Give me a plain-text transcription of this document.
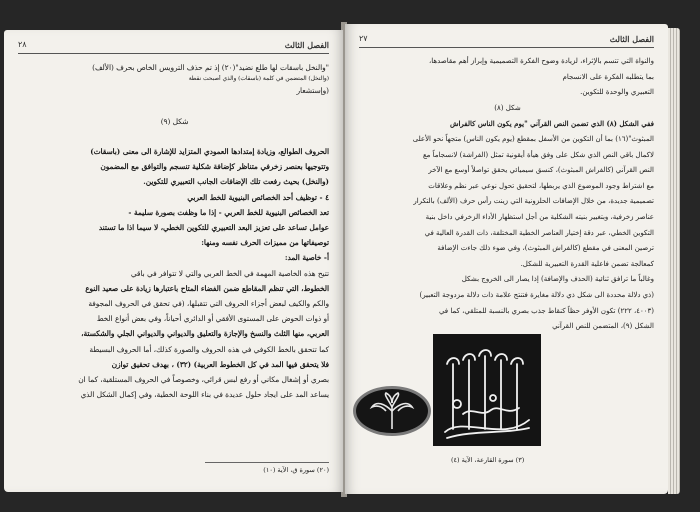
٢٨	الفصل الثالث

"والنخل باسقات لها طلع نضيد"(٢٠) إذ تم حذف الترويس الخاص بحرف (الألف)

(والتخل) المتضمن في كلمة (باسقات) والذي أصبحت نقطة

(وإستشعار

شكل (٩)

الحروف الطوالع، وزيادة إمتدادها العمودي المتزايد للإشارة الى معنى (باسقات)

وتتوجيها بعنصر زخرفي متناظر كإضافة شكلية تنسجم والتوافق مع المضمون

(والنخل) بحيث رفعت تلك الإضافات الجانب التعبيري للتكوين.

٤ - توظيف أحد الخصائص البنيوية للخط العربي

تعد الخصائص البنيوية للخط العربي - إذا ما وظفت بصورة سليمة -

عوامل تساعد على تعزيز البعد التعبيري للتكوين الخطي، لا سيما اذا ما تستند

توصيفاتها من مميزات الحرف نفسه ومنها:

أ- خاصية المد:

تتيح هذه الخاصية المهمة في الخط العربي والتي لا تتوافر في باقي

الخطوط، التي تنظم المقاطع ضمن الفضاء المتاح باعتبارها زيادة على صعيد النوع

والكم والكيف لبعض أجزاء الحروف التي تتقبلها، (في تحقق في الحروف المجوفة

أو ذوات الحوض على المستوى الأفقي أو الدائري أحياناً، وفي بعض أنواع الخط

العربي، منها الثلث والنسخ والإجازة والتعليق والديواني والديواني الجلي والشكستة،

كما تتحقق بالخط الكوفي في هذه الحروف والصورة كذلك، أما الحروف البسيطة

فلا يتحقق فيها المد في كل الخطوط العربية) (٣٢) ، بهدف تحقيق توازن

بصري أو إشغال مكاني أو رفع لبس قرائي، وخصوصاً في الحروف المستلقية، كما ان

يساعد المد على ايجاد حلول عديدة في بناء اللوحة الخطية، وفي إكمال الشكل الذي

(٢٠) سورة ق، الآية (١٠)
٢٧	الفصل الثالث

والنواة التي تتسم بالإثراء، لزيادة وضوح الفكرة التصميمية وإبراز أهم مقاصدها،

بما يتطلبه الفكرة على الانسجام

التعبيري والوحدة للتكوين.

شكل (٨)

ففي الشكل (٨) الذي تضمن النص القرآني "يوم يكون الناس كالفراش

المبثوث"(١٦) بما أن التكوين من الأسفل بمقطع (يوم يكون الناس) متجهاً نحو الأعلى

لاكمال باقي النص الذي شكل على وفق هيأة أيقونية تمثل (الفراشة) لانسجاماً مع

النص القرآني (كالفراش المبثوث)، كنسق سيميائي يحقق تواصلاً أوسع مع الآخر

مع اشتراط وجود الموضوع الذي يربطها، لتحقيق تحول نوعي عبر نظم وعلاقات

تصميمية جديدة، من خلال الإضافات الحلزونية التي زينت رأس حرف (الألف) بالتكرار

عناصر زخرفية، وبتغيير بنيته الشكلية من أجل استظهار الأداء الزخرفي داخل بنية

التكوين الخطي، عبر دقة إختيار العناصر الخطية المختلفة، ذات القدرة العالية في

ترصين المعنى في مقطع (كالفراش المبثوث)، وفي ضوء ذلك جاءت الإضافة

كمعالجة تضمن فاعلية القدرة التعبيرية للشكل.

وغالباً ما ترافق ثنائية (الحذف والإضافة) إذا يصار الى الخروج بشكل

(ذي دلالة محددة الى شكل ذي دلالة مغايرة فتنتج علامة ذات دلالة مزدوجة التعبير)

(٤٠٠٣، ٢٢٢) تكون الأوفر حظاً كنقاط جذب بصري بالنسبة للمتلقي، كما في

الشكل (٩)، المتضمن للنص القرآني

(٣) سورة القارعة، الآية (٤)
